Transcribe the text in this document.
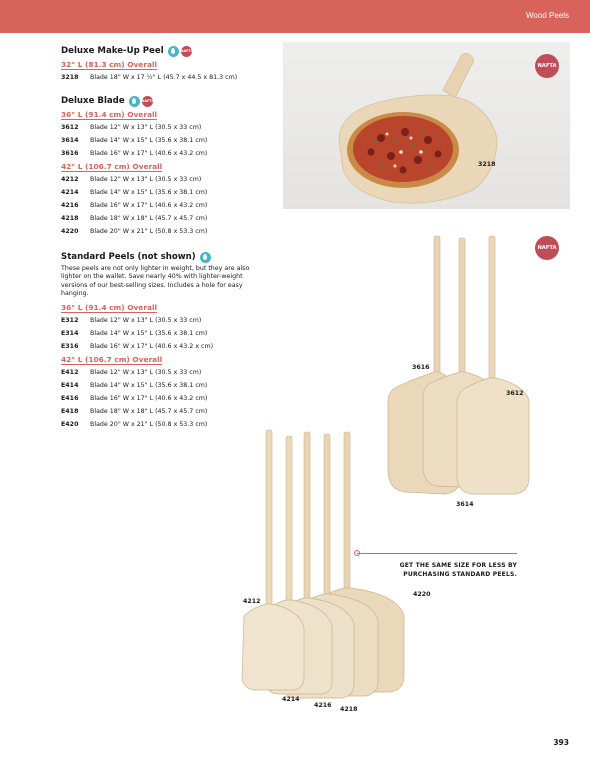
Wood Peels
Deluxe Make-Up Peel	NAFTA
32" L (81.3 cm) Overall
3218	Blade 18" W x 17 ½" L (45.7 x 44.5 x 81.3 cm)
Deluxe Blade	NAFTA
36" L (91.4 cm) Overall
3612	Blade 12" W x 13" L (30.5 x 33 cm)
3614	Blade 14" W x 15" L (35.6 x 38.1 cm)
3616	Blade 16" W x 17" L (40.6 x 43.2 cm)
42" L (106.7 cm) Overall
4212	Blade 12" W x 13" L (30.5 x 33 cm)
4214	Blade 14" W x 15" L (35.6 x 38.1 cm)
4216	Blade 16" W x 17" L (40.6 x 43.2 cm)
4218	Blade 18" W x 18" L (45.7 x 45.7 cm)
4220	Blade 20" W x 21" L (50.8 x 53.3 cm)
Standard Peels (not shown)
These peels are not only lighter in weight, but they are also lighter on the wallet. Save nearly 40% with lighter-weight versions of our best-selling sizes. Includes a hole for easy hanging.
36" L (91.4 cm) Overall
E312	Blade 12" W x 13" L (30.5 x 33 cm)
E314	Blade 14" W x 15" L (35.6 x 38.1 cm)
E316	Blade 16" W x 17" L (40.6 x 43.2 x cm)
42" L (106.7 cm) Overall
E412	Blade 12" W x 13" L (30.5 x 33 cm)
E414	Blade 14" W x 15" L (35.6 x 38.1 cm)
E416	Blade 16" W x 17" L (40.6 x 43.2 cm)
E418	Blade 18" W x 18" L (45.7 x 45.7 cm)
E420	Blade 20" W x 21" L (50.8 x 53.3 cm)
NAFTA
3218
NAFTA
3616
3612
3614
GET THE SAME SIZE FOR LESS BY PURCHASING STANDARD PEELS.
4212
4220
4214
4216
4218
393
